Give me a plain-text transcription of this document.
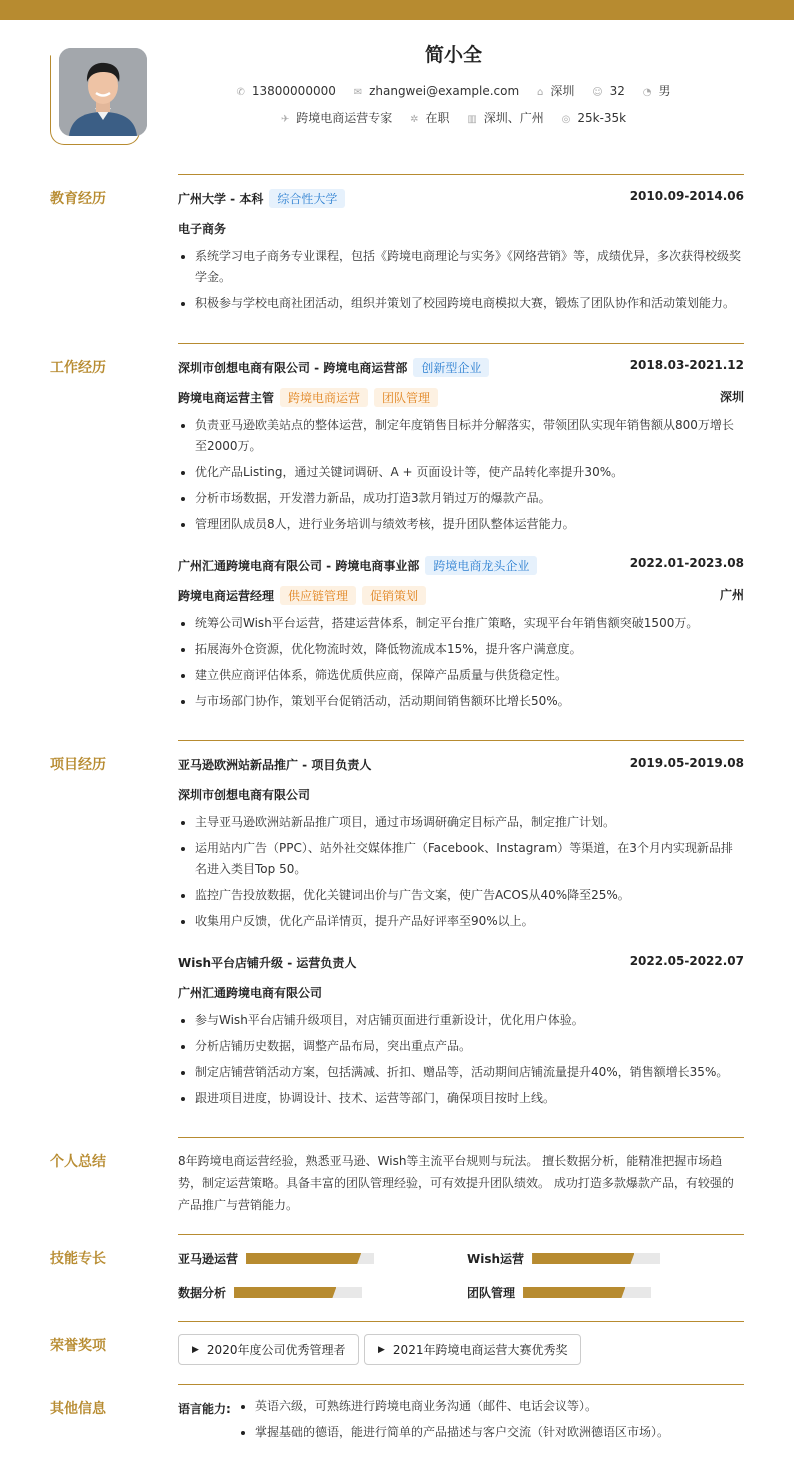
简小全
✆ 13800000000 ✉ zhangwei@example.com ⌂ 深圳 ☺ 32 ◔ 男
✈ 跨境电商运营专家 ✲ 在职 ▥ 深圳、广州 ◎ 25k-35k
教育经历	广州大学 - 本科 综合性大学	2010.09-2014.06
电子商务
系统学习电子商务专业课程，包括《跨境电商理论与实务》《网络营销》等，成绩优异，多次获得校级奖学金。
积极参与学校电商社团活动，组织并策划了校园跨境电商模拟大赛，锻炼了团队协作和活动策划能力。
工作经历	深圳市创想电商有限公司 - 跨境电商运营部 创新型企业	2018.03-2021.12
跨境电商运营主管 跨境电商运营 团队管理	深圳
负责亚马逊欧美站点的整体运营，制定年度销售目标并分解落实，带领团队实现年销售额从800万增长至2000万。
优化产品Listing，通过关键词调研、A + 页面设计等，使产品转化率提升30%。
分析市场数据，开发潜力新品，成功打造3款月销过万的爆款产品。
管理团队成员8人，进行业务培训与绩效考核，提升团队整体运营能力。
广州汇通跨境电商有限公司 - 跨境电商事业部 跨境电商龙头企业	2022.01-2023.08
跨境电商运营经理 供应链管理 促销策划	广州
统筹公司Wish平台运营，搭建运营体系，制定平台推广策略，实现平台年销售额突破1500万。
拓展海外仓资源，优化物流时效，降低物流成本15%，提升客户满意度。
建立供应商评估体系，筛选优质供应商，保障产品质量与供货稳定性。
与市场部门协作，策划平台促销活动，活动期间销售额环比增长50%。
项目经历	亚马逊欧洲站新品推广 - 项目负责人	2019.05-2019.08
深圳市创想电商有限公司
主导亚马逊欧洲站新品推广项目，通过市场调研确定目标产品，制定推广计划。
运用站内广告（PPC）、站外社交媒体推广（Facebook、Instagram）等渠道，在3个月内实现新品排名进入类目Top 50。
监控广告投放数据，优化关键词出价与广告文案，使广告ACOS从40%降至25%。
收集用户反馈，优化产品详情页，提升产品好评率至90%以上。
Wish平台店铺升级 - 运营负责人	2022.05-2022.07
广州汇通跨境电商有限公司
参与Wish平台店铺升级项目，对店铺页面进行重新设计，优化用户体验。
分析店铺历史数据，调整产品布局，突出重点产品。
制定店铺营销活动方案，包括满减、折扣、赠品等，活动期间店铺流量提升40%，销售额增长35%。
跟进项目进度，协调设计、技术、运营等部门，确保项目按时上线。
个人总结	8年跨境电商运营经验，熟悉亚马逊、Wish等主流平台规则与玩法。 擅长数据分析，能精准把握市场趋势，制定运营策略。具备丰富的团队管理经验，可有效提升团队绩效。 成功打造多款爆款产品，有较强的产品推广与营销能力。
技能专长	亚马逊运营	Wish运营
数据分析	团队管理
荣誉奖项	▶ 2020年度公司优秀管理者	▶ 2021年跨境电商运营大赛优秀奖
其他信息	语言能力:	英语六级，可熟练进行跨境电商业务沟通（邮件、电话会议等）。
掌握基础的德语，能进行简单的产品描述与客户交流（针对欧洲德语区市场）。
